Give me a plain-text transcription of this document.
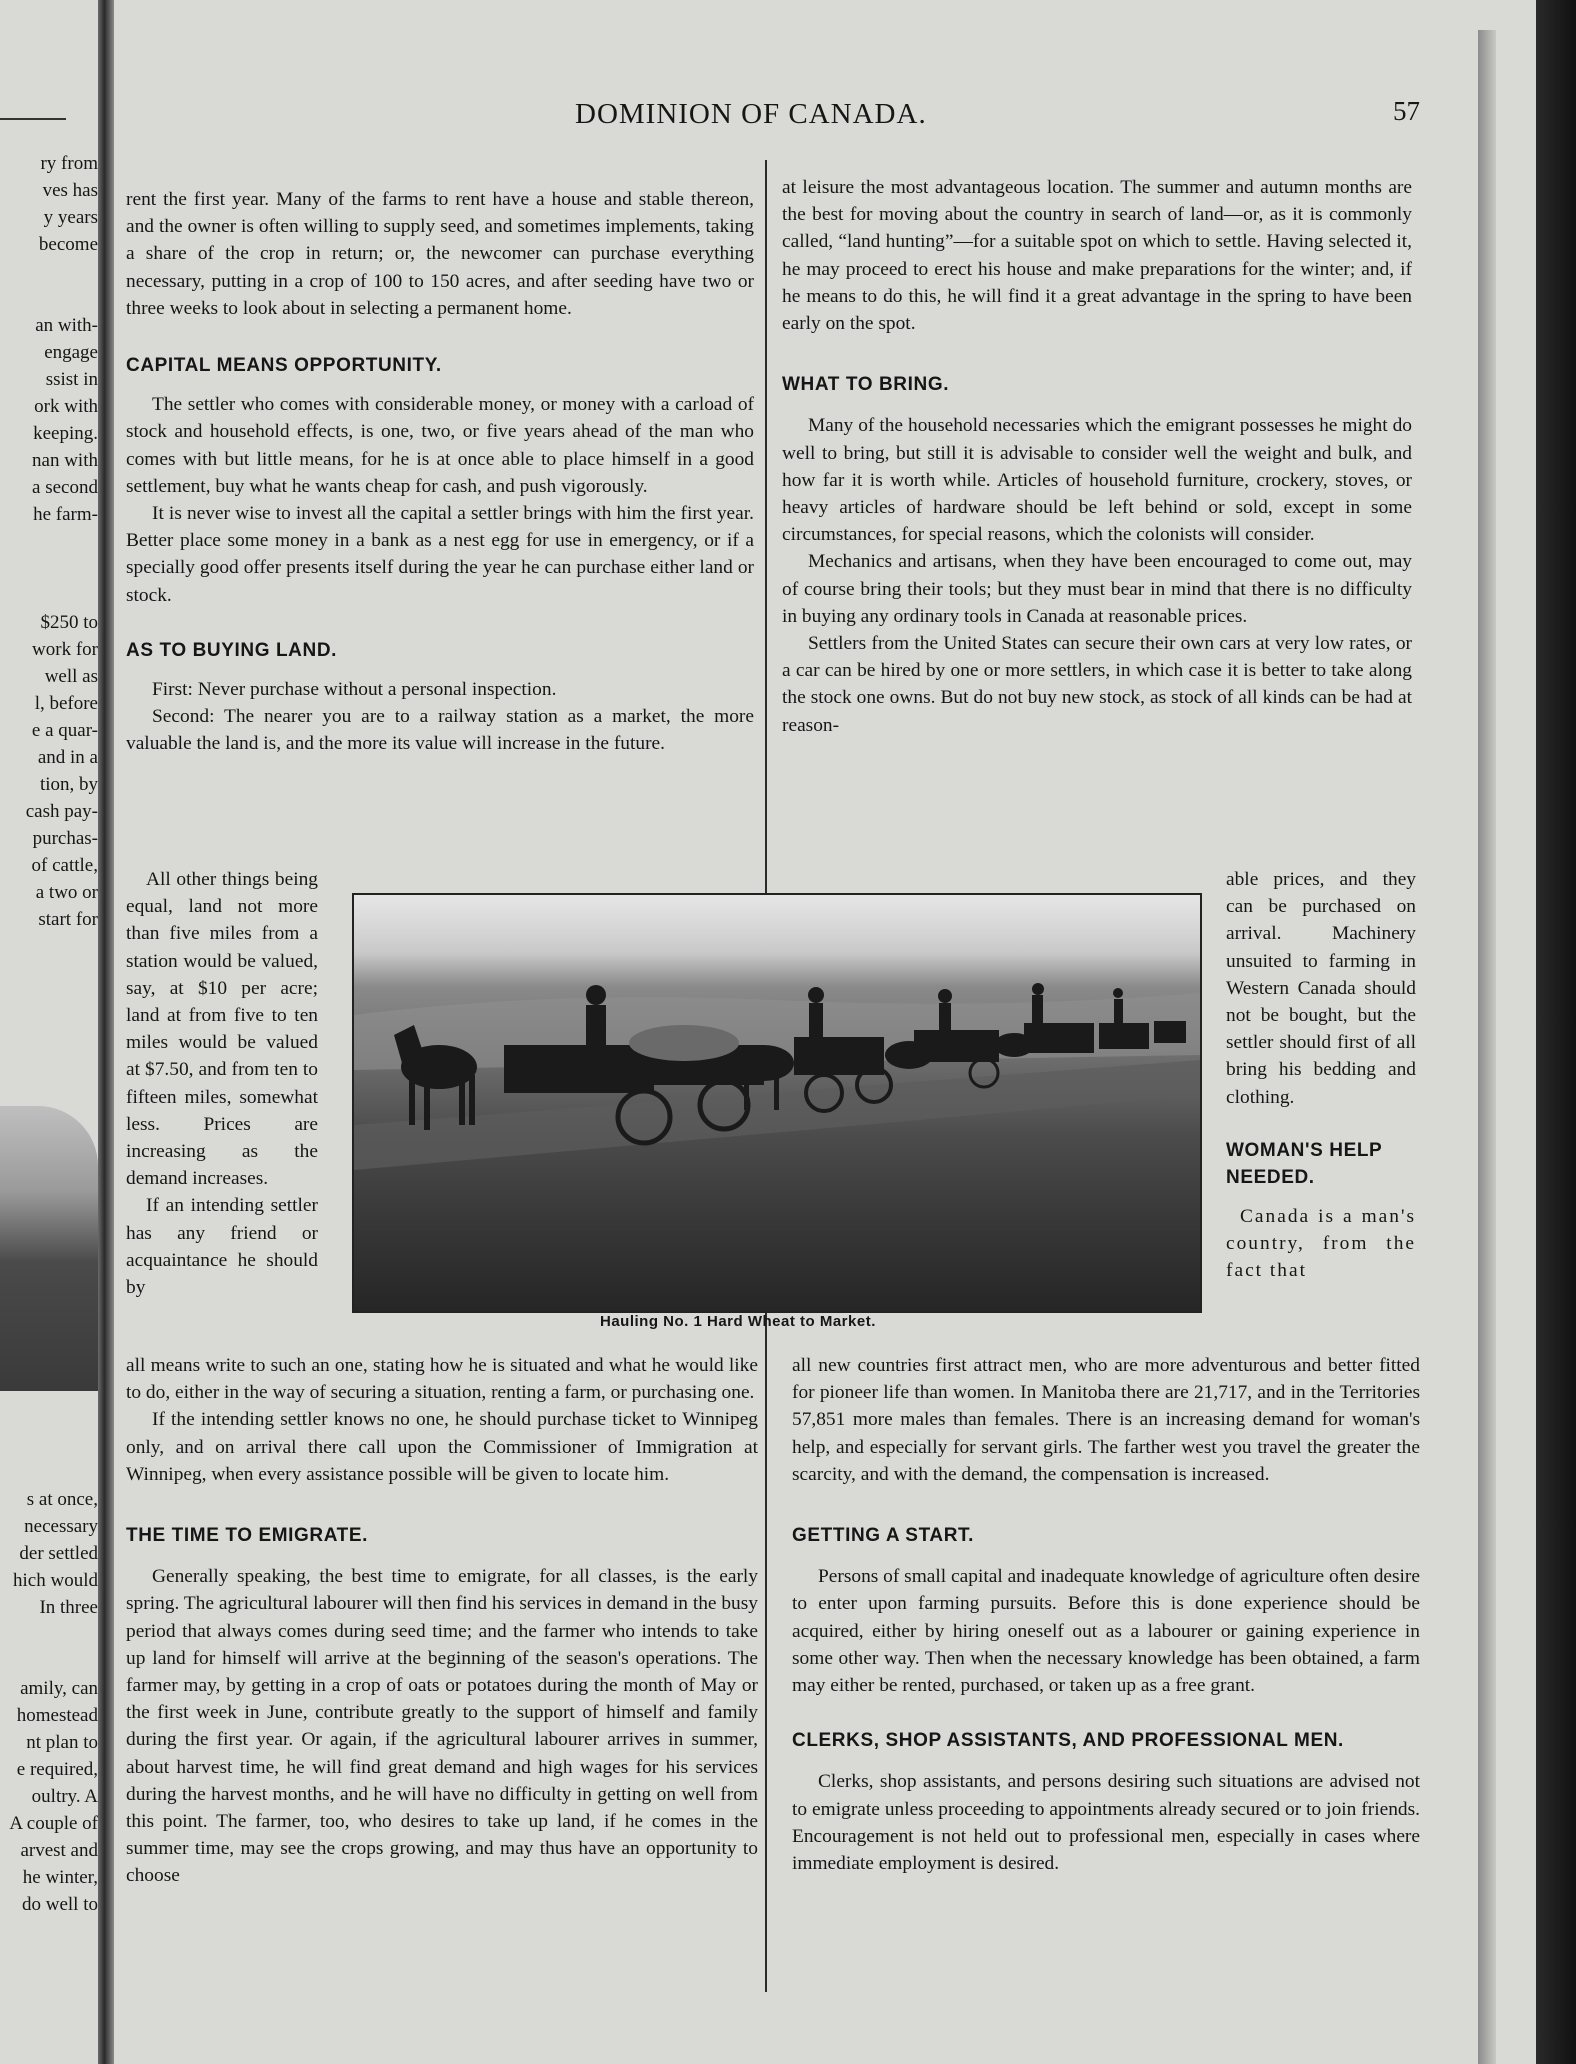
ry from
ves has
y years
become
an with-
engage
ssist in
ork with
keeping.
nan with
a second
he farm-
$250 to
work for
well as
l, before
e a quar-
and in a
tion, by
cash pay-
purchas-
of cattle,
a two or
start for
s at once,
necessary
der settled
hich would
In three
amily, can
homestead
nt plan to
e required,
oultry. A
A couple of
arvest and
he winter,
do well to
DOMINION OF CANADA.	57

rent the first year. Many of the farms to rent have a house and stable thereon, and the owner is often willing to supply seed, and sometimes implements, taking a share of the crop in return; or, the newcomer can purchase everything necessary, putting in a crop of 100 to 150 acres, and after seeding have two or three weeks to look about in selecting a permanent home.

CAPITAL MEANS OPPORTUNITY.

The settler who comes with considerable money, or money with a carload of stock and household effects, is one, two, or five years ahead of the man who comes with but little means, for he is at once able to place himself in a good settlement, buy what he wants cheap for cash, and push vigorously.

It is never wise to invest all the capital a settler brings with him the first year. Better place some money in a bank as a nest egg for use in emergency, or if a specially good offer presents itself during the year he can purchase either land or stock.

AS TO BUYING LAND.

First: Never purchase without a personal inspection.

Second: The nearer you are to a railway station as a market, the more valuable the land is, and the more its value will increase in the future.

All other things being equal, land not more than five miles from a station would be valued, say, at $10 per acre; land at from five to ten miles would be valued at $7.50, and from ten to fifteen miles, somewhat less. Prices are increasing as the demand increases.

If an intending settler has any friend or acquaintance he should by

all means write to such an one, stating how he is situated and what he would like to do, either in the way of securing a situation, renting a farm, or purchasing one.

If the intending settler knows no one, he should purchase ticket to Winnipeg only, and on arrival there call upon the Commissioner of Immigration at Winnipeg, when every assistance possible will be given to locate him.

THE TIME TO EMIGRATE.

Generally speaking, the best time to emigrate, for all classes, is the early spring. The agricultural labourer will then find his services in demand in the busy period that always comes during seed time; and the farmer who intends to take up land for himself will arrive at the beginning of the season's operations. The farmer may, by getting in a crop of oats or potatoes during the month of May or the first week in June, contribute greatly to the support of himself and family during the first year. Or again, if the agricultural labourer arrives in summer, about harvest time, he will find great demand and high wages for his services during the harvest months, and he will have no difficulty in getting on well from this point. The farmer, too, who desires to take up land, if he comes in the summer time, may see the crops growing, and may thus have an opportunity to choose

at leisure the most advantageous location. The summer and autumn months are the best for moving about the country in search of land—or, as it is commonly called, “land hunting”—for a suitable spot on which to settle. Having selected it, he may proceed to erect his house and make preparations for the winter; and, if he means to do this, he will find it a great advantage in the spring to have been early on the spot.

WHAT TO BRING.

Many of the household necessaries which the emigrant possesses he might do well to bring, but still it is advisable to consider well the weight and bulk, and how far it is worth while. Articles of household furniture, crockery, stoves, or heavy articles of hardware should be left behind or sold, except in some circumstances, for special reasons, which the colonists will consider.

Mechanics and artisans, when they have been encouraged to come out, may of course bring their tools; but they must bear in mind that there is no difficulty in buying any ordinary tools in Canada at reasonable prices.

Settlers from the United States can secure their own cars at very low rates, or a car can be hired by one or more settlers, in which case it is better to take along the stock one owns. But do not buy new stock, as stock of all kinds can be had at reason-

able prices, and they can be purchased on arrival. Machinery unsuited to farming in Western Canada should not be bought, but the settler should first of all bring his bedding and clothing.

WOMAN'S HELP NEEDED.

Canada is a man's country, from the fact that

all new countries first attract men, who are more adventurous and better fitted for pioneer life than women. In Manitoba there are 21,717, and in the Territories 57,851 more males than females. There is an increasing demand for woman's help, and especially for servant girls. The farther west you travel the greater the scarcity, and with the demand, the compensation is increased.

GETTING A START.

Persons of small capital and inadequate knowledge of agriculture often desire to enter upon farming pursuits. Before this is done experience should be acquired, either by hiring oneself out as a labourer or gaining experience in some other way. Then when the necessary knowledge has been obtained, a farm may either be rented, purchased, or taken up as a free grant.

CLERKS, SHOP ASSISTANTS, AND PROFESSIONAL MEN.

Clerks, shop assistants, and persons desiring such situations are advised not to emigrate unless proceeding to appointments already secured or to join friends. Encouragement is not held out to professional men, especially in cases where immediate employment is desired.

Hauling No. 1 Hard Wheat to Market.
